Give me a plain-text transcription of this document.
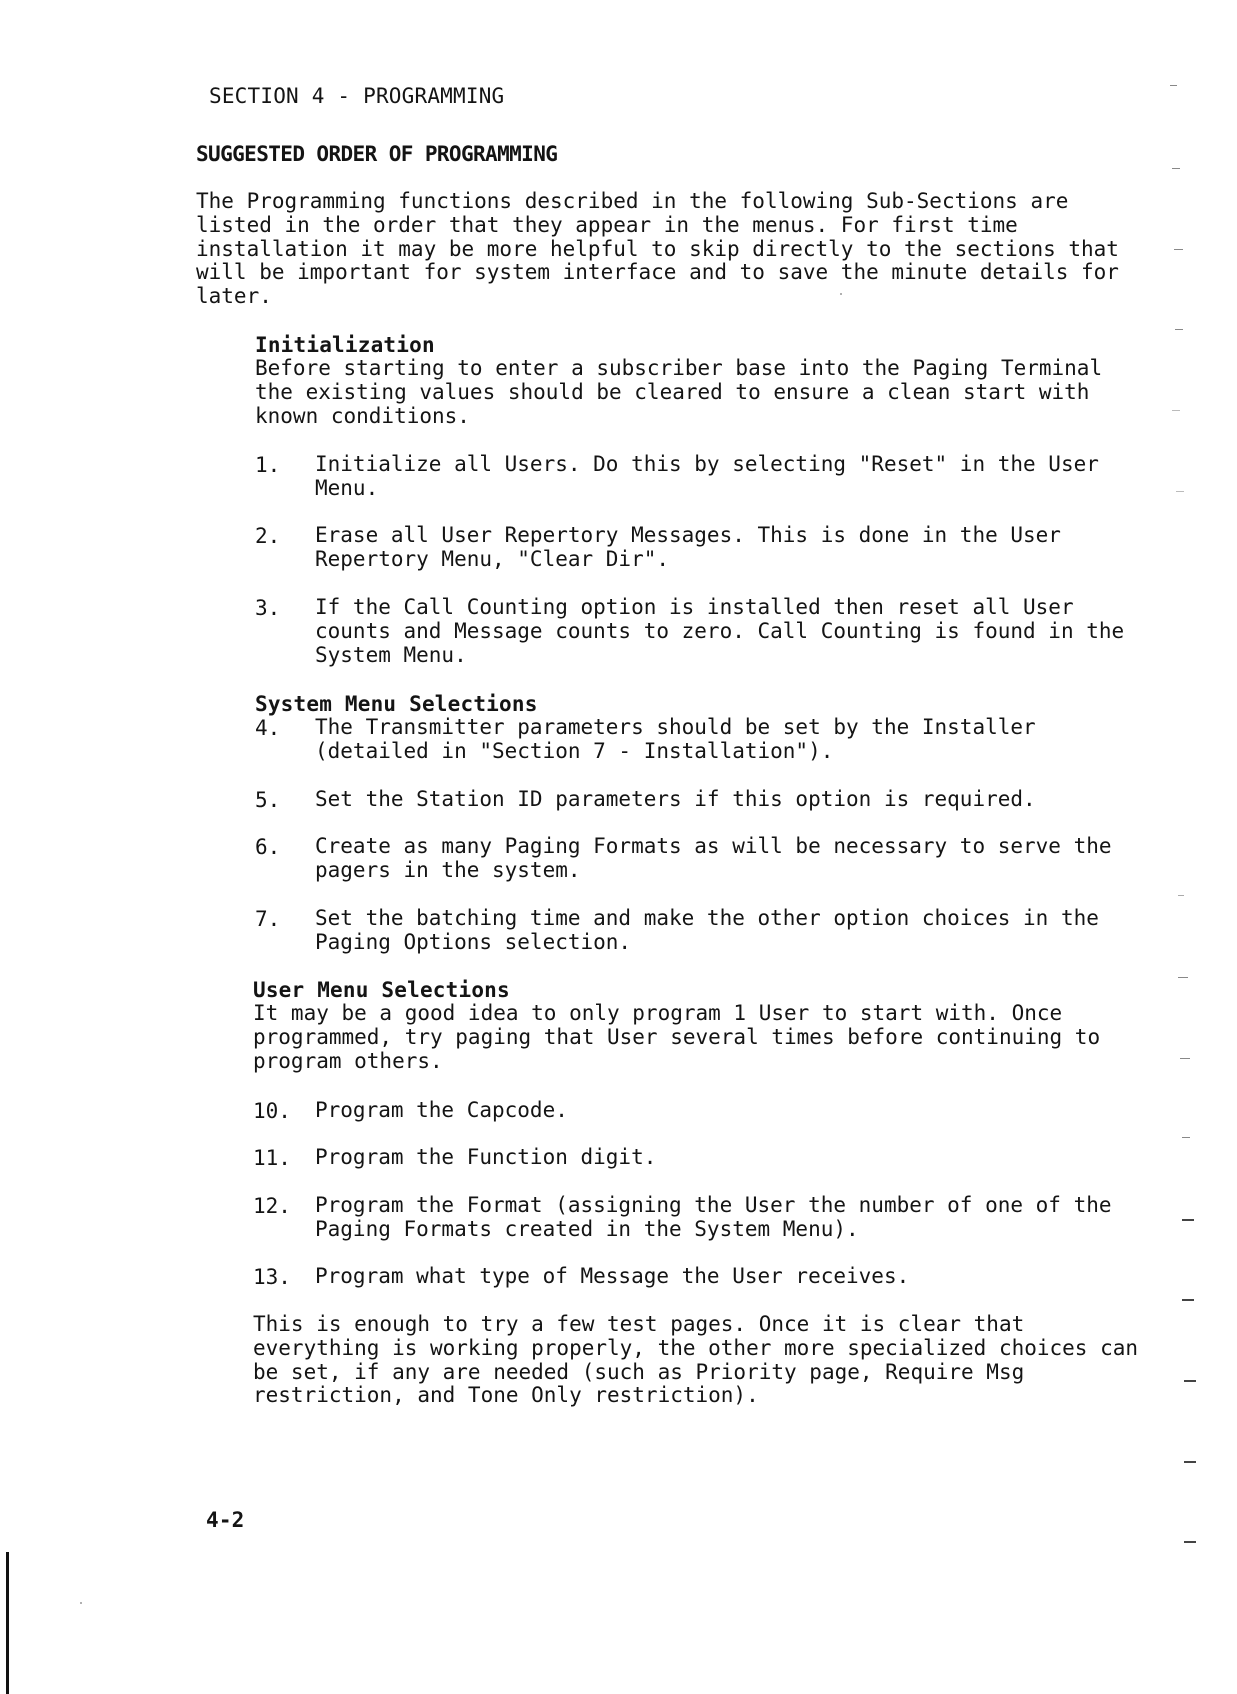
SECTION 4 - PROGRAMMING
SUGGESTED ORDER OF PROGRAMMING
The Programming functions described in the following Sub-Sections are
listed in the order that they appear in the menus. For first time
installation it may be more helpful to skip directly to the sections that
will be important for system interface and to save the minute details for
later.
Initialization
Before starting to enter a subscriber base into the Paging Terminal
the existing values should be cleared to ensure a clean start with
known conditions.
1. Initialize all Users. Do this by selecting "Reset" in the User
Menu.
2. Erase all User Repertory Messages. This is done in the User
Repertory Menu, "Clear Dir".
3. If the Call Counting option is installed then reset all User
counts and Message counts to zero. Call Counting is found in the
System Menu.
System Menu Selections
4. The Transmitter parameters should be set by the Installer
(detailed in "Section 7 - Installation").
5. Set the Station ID parameters if this option is required.
6. Create as many Paging Formats as will be necessary to serve the
pagers in the system.
7. Set the batching time and make the other option choices in the
Paging Options selection.
User Menu Selections
It may be a good idea to only program 1 User to start with. Once
programmed, try paging that User several times before continuing to
program others.
10. Program the Capcode.
11. Program the Function digit.
12. Program the Format (assigning the User the number of one of the
Paging Formats created in the System Menu).
13. Program what type of Message the User receives.
This is enough to try a few test pages. Once it is clear that
everything is working properly, the other more specialized choices can
be set, if any are needed (such as Priority page, Require Msg
restriction, and Tone Only restriction).
4-2
